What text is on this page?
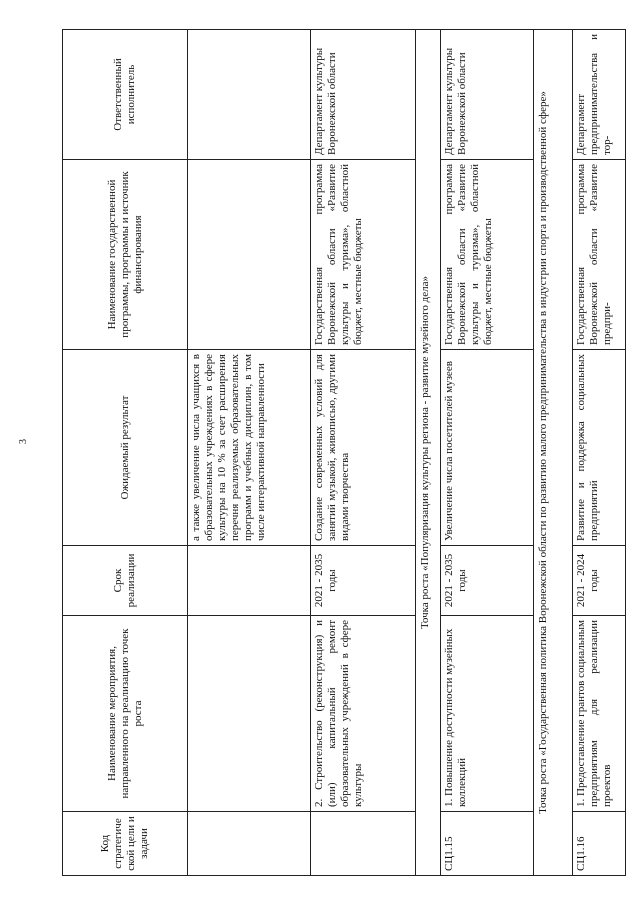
3
Код стратегической цели и задачи	Наименование мероприятия, направленного на реализацию точек роста	Срок реализации	Ожидаемый результат	Наименование государственной программы, программы и источник финансирования	Ответственный исполнитель
			а также увеличение числа учащихся в образовательных учреждениях в сфере культуры на 10 % за счет расширения перечня реализуемых образовательных программ и учебных дисциплин, в том числе интерактивной направленности		
	2. Строительство (реконструкция) и (или) капитальный ремонт образовательных учреждений в сфере культуры	2021 - 2035 годы	Создание современных условий для занятий музыкой, живописью, другими видами творчества	Государственная программа Воронежской области «Развитие культуры и туризма», областной бюджет, местные бюджеты	Департамент культуры Воронежской области
Точка роста «Популяризация культуры региона - развитие музейного дела»					
СЦ1.15	1. Повышение доступности музейных коллекций	2021 - 2035 годы	Увеличение числа посетителей музеев	Государственная программа Воронежской области «Развитие культуры и туризма», областной бюджет, местные бюджеты	Департамент культуры Воронежской области
Точка роста «Государственная политика Воронежской области по развитию малого предпринимательства в индустрии спорта и производственной сфере»					
СЦ1.16	1. Предоставление грантов социальным предприятиям для реализации проектов	2021 - 2024 годы	Развитие и поддержка социальных предприятий	Государственная программа Воронежской области «Развитие предпри-	Департамент предпринимательства и тор-
